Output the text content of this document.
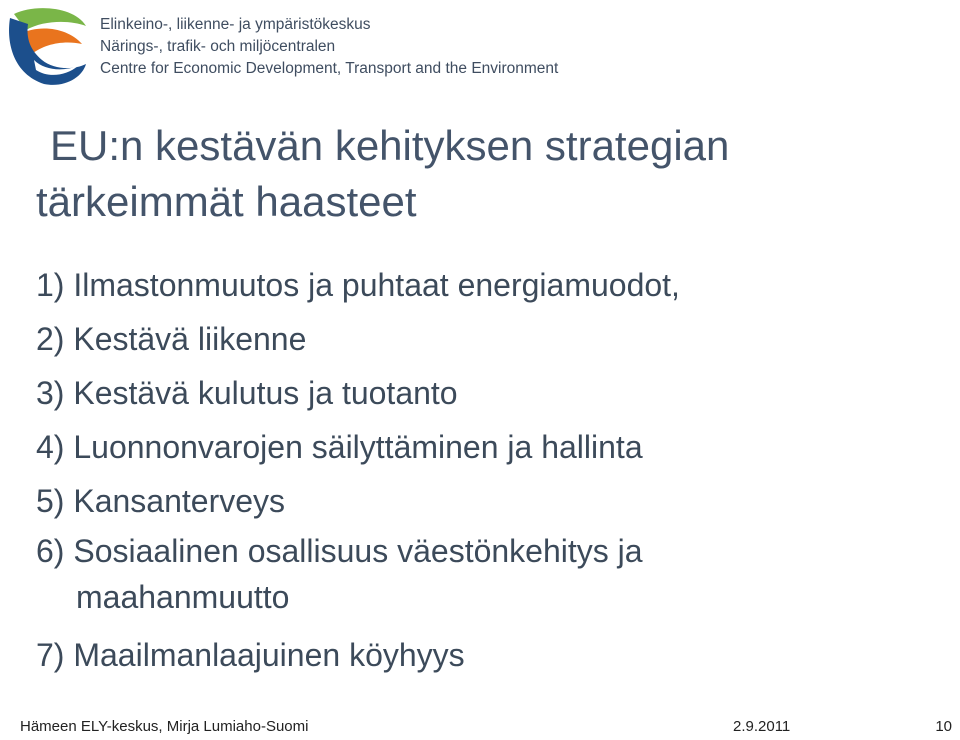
Elinkeino-, liikenne- ja ympäristökeskus
Närings-, trafik- och miljöcentralen
Centre for Economic Development, Transport and the Environment
EU:n kestävän kehityksen strategian
tärkeimmät haasteet
1) Ilmastonmuutos ja puhtaat energiamuodot,
2) Kestävä liikenne
3) Kestävä kulutus ja tuotanto
4) Luonnonvarojen säilyttäminen ja hallinta
5) Kansanterveys
6) Sosiaalinen osallisuus väestönkehitys ja
maahanmuutto
7) Maailmanlaajuinen köyhyys
Hämeen ELY-keskus, Mirja Lumiaho-Suomi	2.9.2011	10
